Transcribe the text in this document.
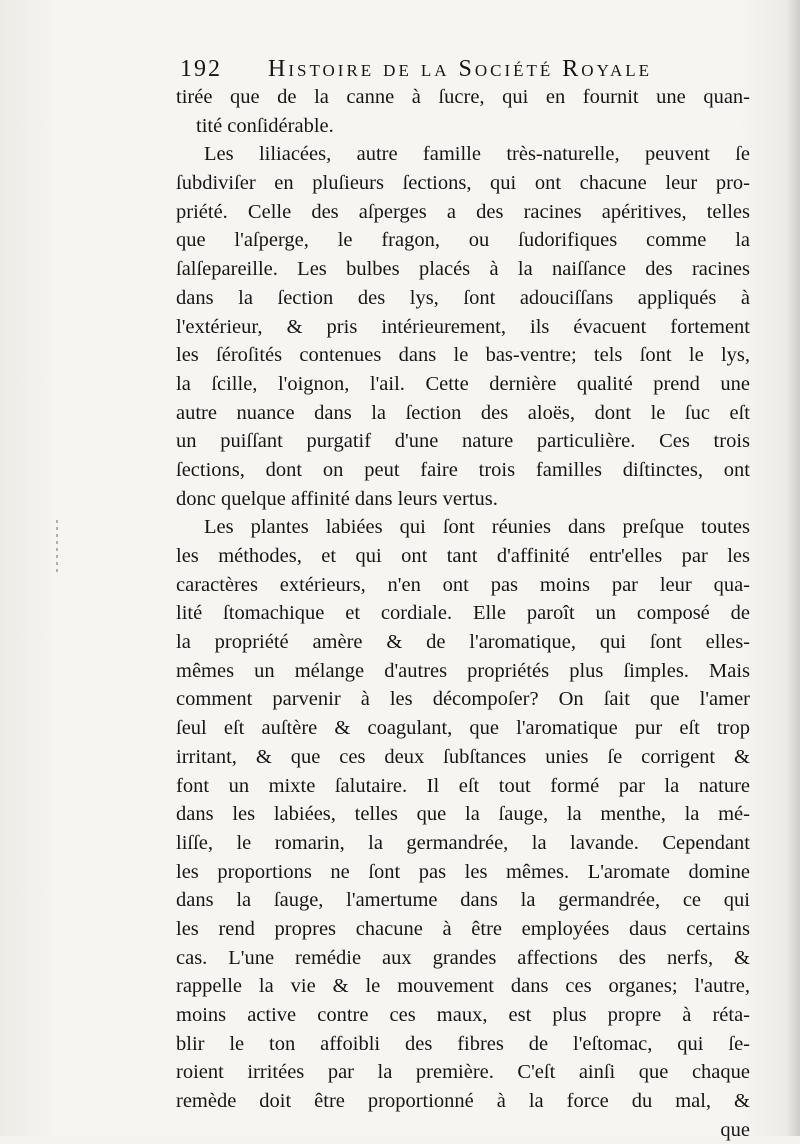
192 Histoire de la Société Royale
tirée que de la canne à ſucre, qui en fournit une quan-
tité conſidérable.
Les liliacées, autre famille très-naturelle, peuvent ſe
ſubdiviſer en pluſieurs ſections, qui ont chacune leur pro-
priété. Celle des aſperges a des racines apéritives, telles
que l'aſperge, le fragon, ou ſudorifiques comme la
ſalſepareille. Les bulbes placés à la naiſſance des racines
dans la ſection des lys, ſont adouciſſans appliqués à
l'extérieur, & pris intérieurement, ils évacuent fortement
les ſéroſités contenues dans le bas-ventre; tels ſont le lys,
la ſcille, l'oignon, l'ail. Cette dernière qualité prend une
autre nuance dans la ſection des aloës, dont le ſuc eſt
un puiſſant purgatif d'une nature particulière. Ces trois
ſections, dont on peut faire trois familles diſtinctes, ont
donc quelque affinité dans leurs vertus.
Les plantes labiées qui ſont réunies dans preſque toutes
les méthodes, et qui ont tant d'affinité entr'elles par les
caractères extérieurs, n'en ont pas moins par leur qua-
lité ſtomachique et cordiale. Elle paroît un composé de
la propriété amère & de l'aromatique, qui ſont elles-
mêmes un mélange d'autres propriétés plus ſimples. Mais
comment parvenir à les décompoſer? On ſait que l'amer
ſeul eſt auſtère & coagulant, que l'aromatique pur eſt trop
irritant, & que ces deux ſubſtances unies ſe corrigent &
font un mixte ſalutaire. Il eſt tout formé par la nature
dans les labiées, telles que la ſauge, la menthe, la mé-
liſſe, le romarin, la germandrée, la lavande. Cependant
les proportions ne ſont pas les mêmes. L'aromate domine
dans la ſauge, l'amertume dans la germandrée, ce qui
les rend propres chacune à être employées daus certains
cas. L'une remédie aux grandes affections des nerfs, &
rappelle la vie & le mouvement dans ces organes; l'autre,
moins active contre ces maux, est plus propre à réta-
blir le ton affoibli des fibres de l'eſtomac, qui ſe-
roient irritées par la première. C'eſt ainſi que chaque
remède doit être proportionné à la force du mal, &
que
